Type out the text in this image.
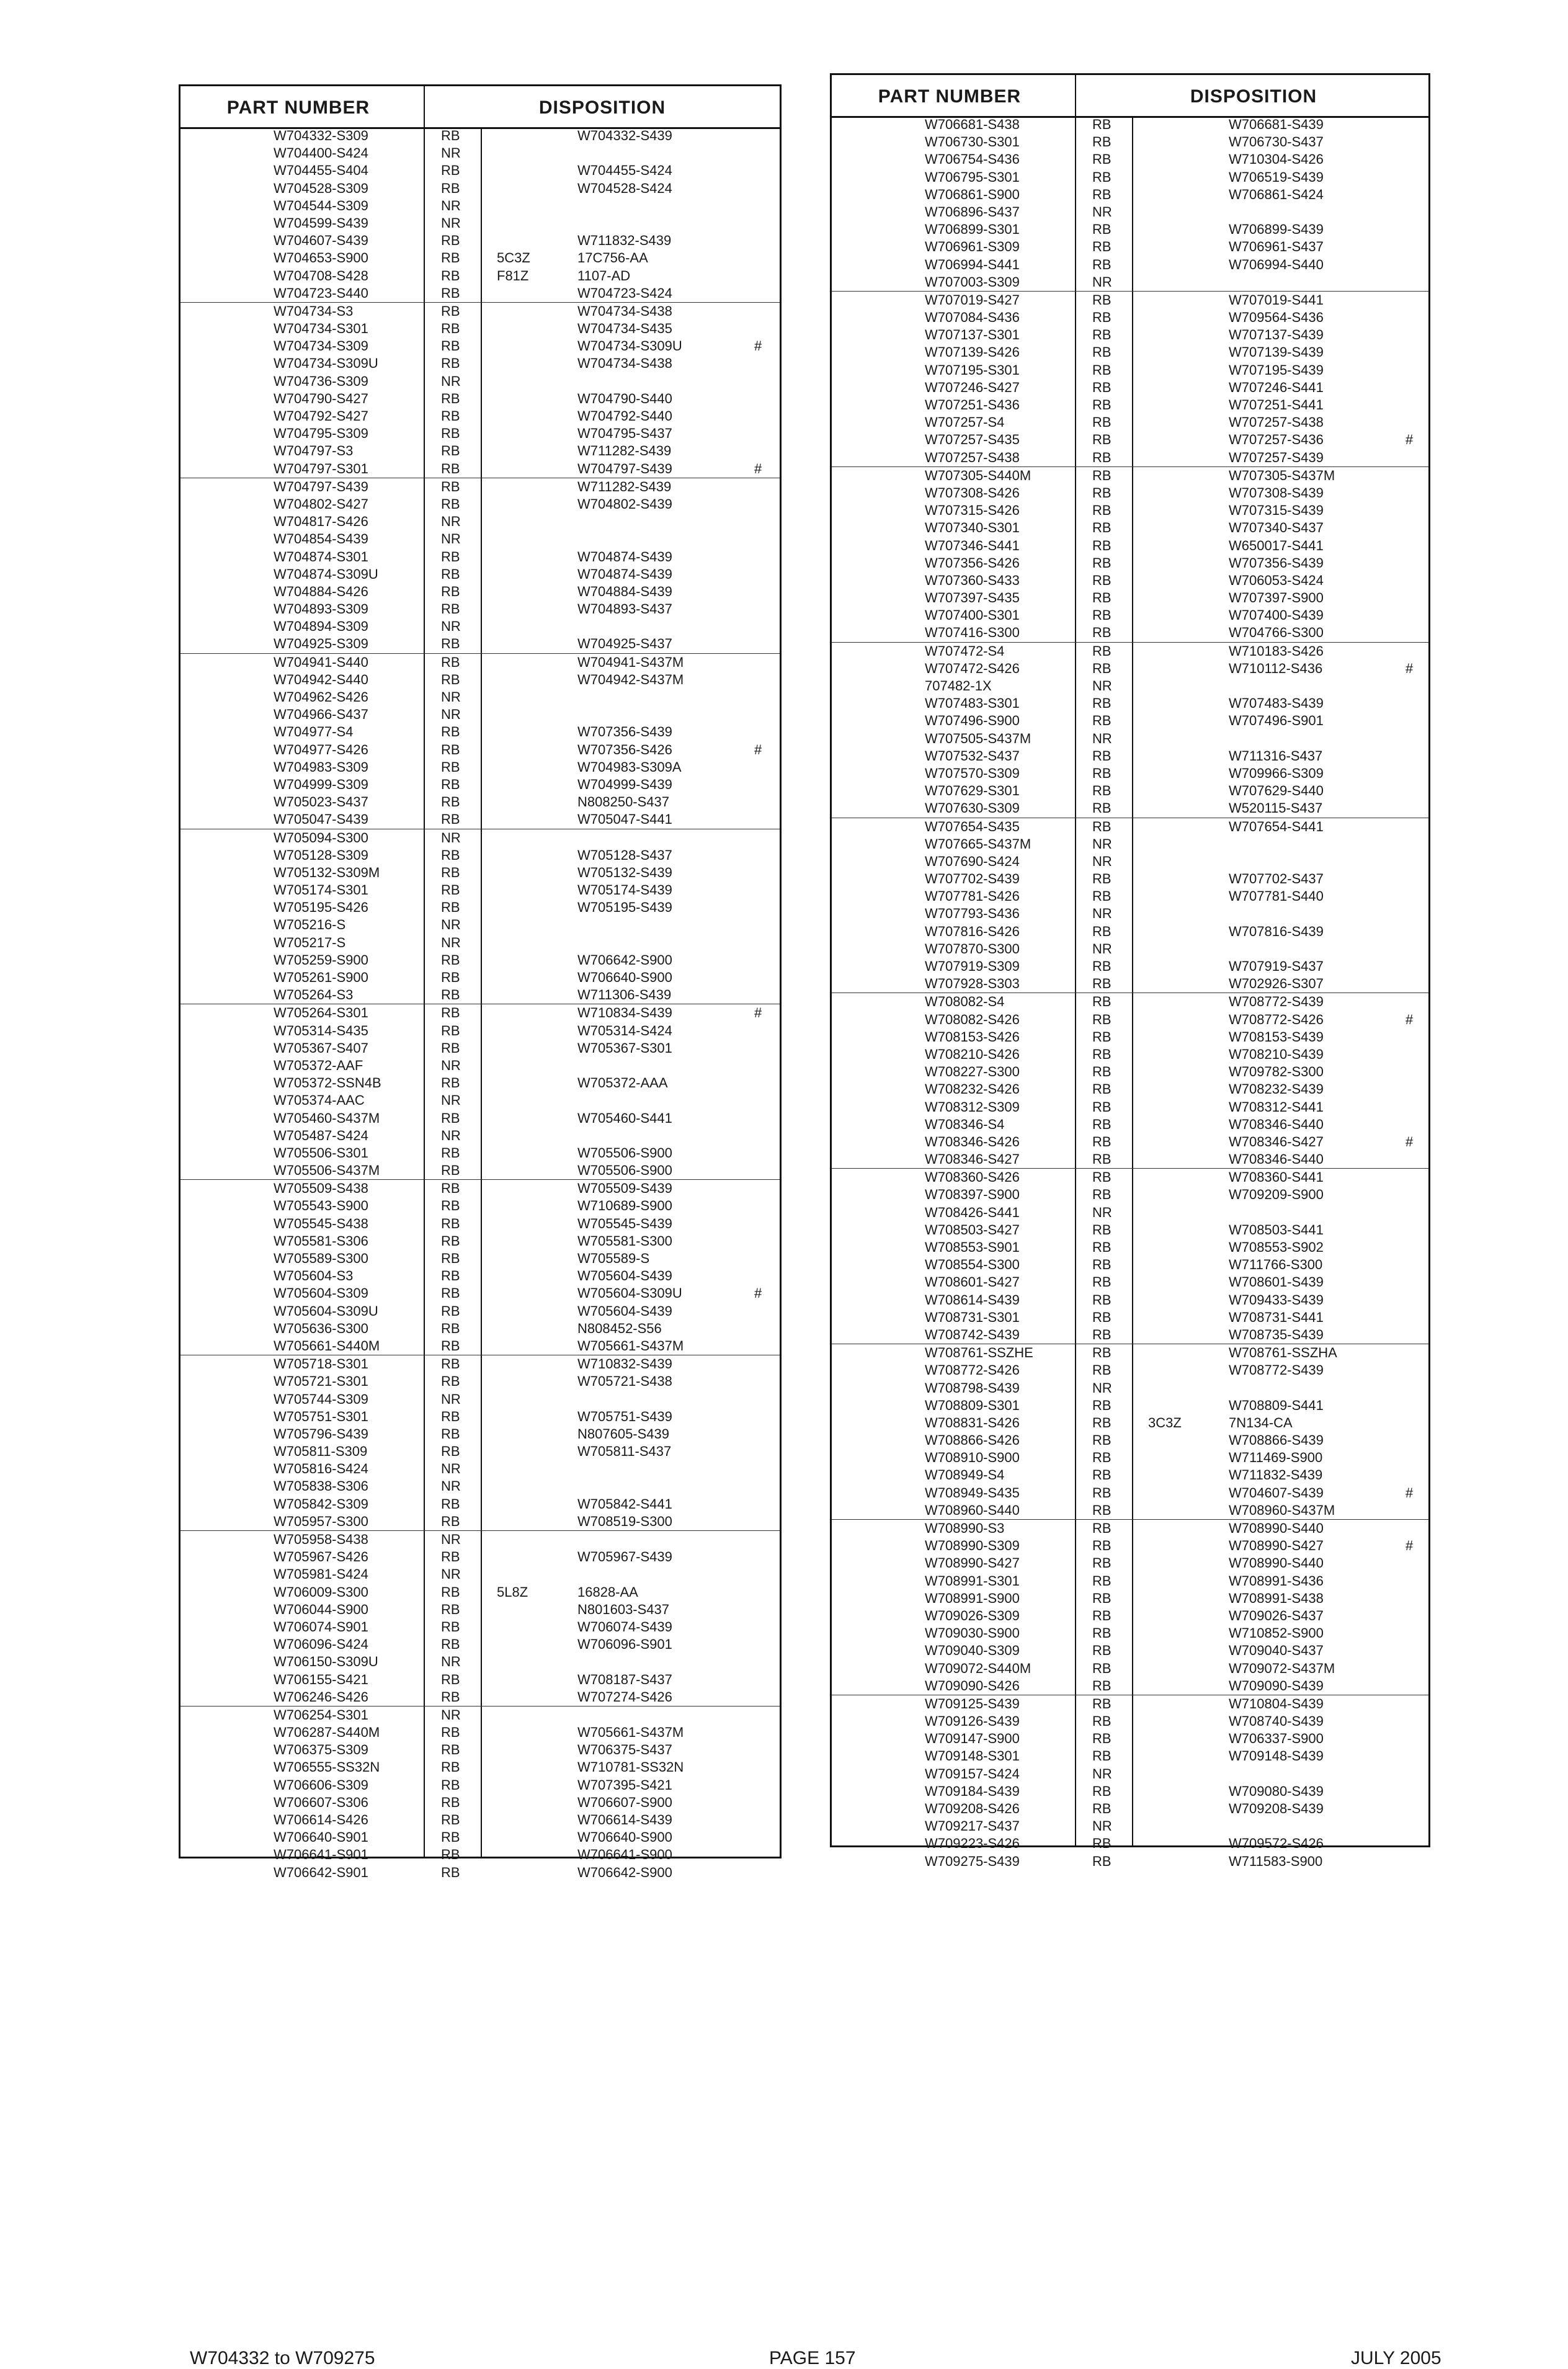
PART NUMBER	DISPOSITION
W704332-S309	RB	W704332-S439
W704400-S424	NR
W704455-S404	RB	W704455-S424
W704528-S309	RB	W704528-S424
W704544-S309	NR
W704599-S439	NR
W704607-S439	RB	W711832-S439
W704653-S900	RB	5C3Z	17C756-AA
W704708-S428	RB	F81Z	1107-AD
W704723-S440	RB	W704723-S424
W704734-S3	RB	W704734-S438
W704734-S301	RB	W704734-S435
W704734-S309	RB	W704734-S309U	#
W704734-S309U	RB	W704734-S438
W704736-S309	NR
W704790-S427	RB	W704790-S440
W704792-S427	RB	W704792-S440
W704795-S309	RB	W704795-S437
W704797-S3	RB	W711282-S439
W704797-S301	RB	W704797-S439	#
W704797-S439	RB	W711282-S439
W704802-S427	RB	W704802-S439
W704817-S426	NR
W704854-S439	NR
W704874-S301	RB	W704874-S439
W704874-S309U	RB	W704874-S439
W704884-S426	RB	W704884-S439
W704893-S309	RB	W704893-S437
W704894-S309	NR
W704925-S309	RB	W704925-S437
W704941-S440	RB	W704941-S437M
W704942-S440	RB	W704942-S437M
W704962-S426	NR
W704966-S437	NR
W704977-S4	RB	W707356-S439
W704977-S426	RB	W707356-S426	#
W704983-S309	RB	W704983-S309A
W704999-S309	RB	W704999-S439
W705023-S437	RB	N808250-S437
W705047-S439	RB	W705047-S441
W705094-S300	NR
W705128-S309	RB	W705128-S437
W705132-S309M	RB	W705132-S439
W705174-S301	RB	W705174-S439
W705195-S426	RB	W705195-S439
W705216-S	NR
W705217-S	NR
W705259-S900	RB	W706642-S900
W705261-S900	RB	W706640-S900
W705264-S3	RB	W711306-S439
W705264-S301	RB	W710834-S439	#
W705314-S435	RB	W705314-S424
W705367-S407	RB	W705367-S301
W705372-AAF	NR
W705372-SSN4B	RB	W705372-AAA
W705374-AAC	NR
W705460-S437M	RB	W705460-S441
W705487-S424	NR
W705506-S301	RB	W705506-S900
W705506-S437M	RB	W705506-S900
W705509-S438	RB	W705509-S439
W705543-S900	RB	W710689-S900
W705545-S438	RB	W705545-S439
W705581-S306	RB	W705581-S300
W705589-S300	RB	W705589-S
W705604-S3	RB	W705604-S439
W705604-S309	RB	W705604-S309U	#
W705604-S309U	RB	W705604-S439
W705636-S300	RB	N808452-S56
W705661-S440M	RB	W705661-S437M
W705718-S301	RB	W710832-S439
W705721-S301	RB	W705721-S438
W705744-S309	NR
W705751-S301	RB	W705751-S439
W705796-S439	RB	N807605-S439
W705811-S309	RB	W705811-S437
W705816-S424	NR
W705838-S306	NR
W705842-S309	RB	W705842-S441
W705957-S300	RB	W708519-S300
W705958-S438	NR
W705967-S426	RB	W705967-S439
W705981-S424	NR
W706009-S300	RB	5L8Z	16828-AA
W706044-S900	RB	N801603-S437
W706074-S901	RB	W706074-S439
W706096-S424	RB	W706096-S901
W706150-S309U	NR
W706155-S421	RB	W708187-S437
W706246-S426	RB	W707274-S426
W706254-S301	NR
W706287-S440M	RB	W705661-S437M
W706375-S309	RB	W706375-S437
W706555-SS32N	RB	W710781-SS32N
W706606-S309	RB	W707395-S421
W706607-S306	RB	W706607-S900
W706614-S426	RB	W706614-S439
W706640-S901	RB	W706640-S900
W706641-S901	RB	W706641-S900
W706642-S901	RB	W706642-S900
PART NUMBER	DISPOSITION
W706681-S438	RB	W706681-S439
W706730-S301	RB	W706730-S437
W706754-S436	RB	W710304-S426
W706795-S301	RB	W706519-S439
W706861-S900	RB	W706861-S424
W706896-S437	NR
W706899-S301	RB	W706899-S439
W706961-S309	RB	W706961-S437
W706994-S441	RB	W706994-S440
W707003-S309	NR
W707019-S427	RB	W707019-S441
W707084-S436	RB	W709564-S436
W707137-S301	RB	W707137-S439
W707139-S426	RB	W707139-S439
W707195-S301	RB	W707195-S439
W707246-S427	RB	W707246-S441
W707251-S436	RB	W707251-S441
W707257-S4	RB	W707257-S438
W707257-S435	RB	W707257-S436	#
W707257-S438	RB	W707257-S439
W707305-S440M	RB	W707305-S437M
W707308-S426	RB	W707308-S439
W707315-S426	RB	W707315-S439
W707340-S301	RB	W707340-S437
W707346-S441	RB	W650017-S441
W707356-S426	RB	W707356-S439
W707360-S433	RB	W706053-S424
W707397-S435	RB	W707397-S900
W707400-S301	RB	W707400-S439
W707416-S300	RB	W704766-S300
W707472-S4	RB	W710183-S426
W707472-S426	RB	W710112-S436	#
707482-1X	NR
W707483-S301	RB	W707483-S439
W707496-S900	RB	W707496-S901
W707505-S437M	NR
W707532-S437	RB	W711316-S437
W707570-S309	RB	W709966-S309
W707629-S301	RB	W707629-S440
W707630-S309	RB	W520115-S437
W707654-S435	RB	W707654-S441
W707665-S437M	NR
W707690-S424	NR
W707702-S439	RB	W707702-S437
W707781-S426	RB	W707781-S440
W707793-S436	NR
W707816-S426	RB	W707816-S439
W707870-S300	NR
W707919-S309	RB	W707919-S437
W707928-S303	RB	W702926-S307
W708082-S4	RB	W708772-S439
W708082-S426	RB	W708772-S426	#
W708153-S426	RB	W708153-S439
W708210-S426	RB	W708210-S439
W708227-S300	RB	W709782-S300
W708232-S426	RB	W708232-S439
W708312-S309	RB	W708312-S441
W708346-S4	RB	W708346-S440
W708346-S426	RB	W708346-S427	#
W708346-S427	RB	W708346-S440
W708360-S426	RB	W708360-S441
W708397-S900	RB	W709209-S900
W708426-S441	NR
W708503-S427	RB	W708503-S441
W708553-S901	RB	W708553-S902
W708554-S300	RB	W711766-S300
W708601-S427	RB	W708601-S439
W708614-S439	RB	W709433-S439
W708731-S301	RB	W708731-S441
W708742-S439	RB	W708735-S439
W708761-SSZHE	RB	W708761-SSZHA
W708772-S426	RB	W708772-S439
W708798-S439	NR
W708809-S301	RB	W708809-S441
W708831-S426	RB	3C3Z	7N134-CA
W708866-S426	RB	W708866-S439
W708910-S900	RB	W711469-S900
W708949-S4	RB	W711832-S439
W708949-S435	RB	W704607-S439	#
W708960-S440	RB	W708960-S437M
W708990-S3	RB	W708990-S440
W708990-S309	RB	W708990-S427	#
W708990-S427	RB	W708990-S440
W708991-S301	RB	W708991-S436
W708991-S900	RB	W708991-S438
W709026-S309	RB	W709026-S437
W709030-S900	RB	W710852-S900
W709040-S309	RB	W709040-S437
W709072-S440M	RB	W709072-S437M
W709090-S426	RB	W709090-S439
W709125-S439	RB	W710804-S439
W709126-S439	RB	W708740-S439
W709147-S900	RB	W706337-S900
W709148-S301	RB	W709148-S439
W709157-S424	NR
W709184-S439	RB	W709080-S439
W709208-S426	RB	W709208-S439
W709217-S437	NR
W709223-S426	RB	W709572-S426
W709275-S439	RB	W711583-S900
W704332 to W709275	PAGE 157	JULY 2005
